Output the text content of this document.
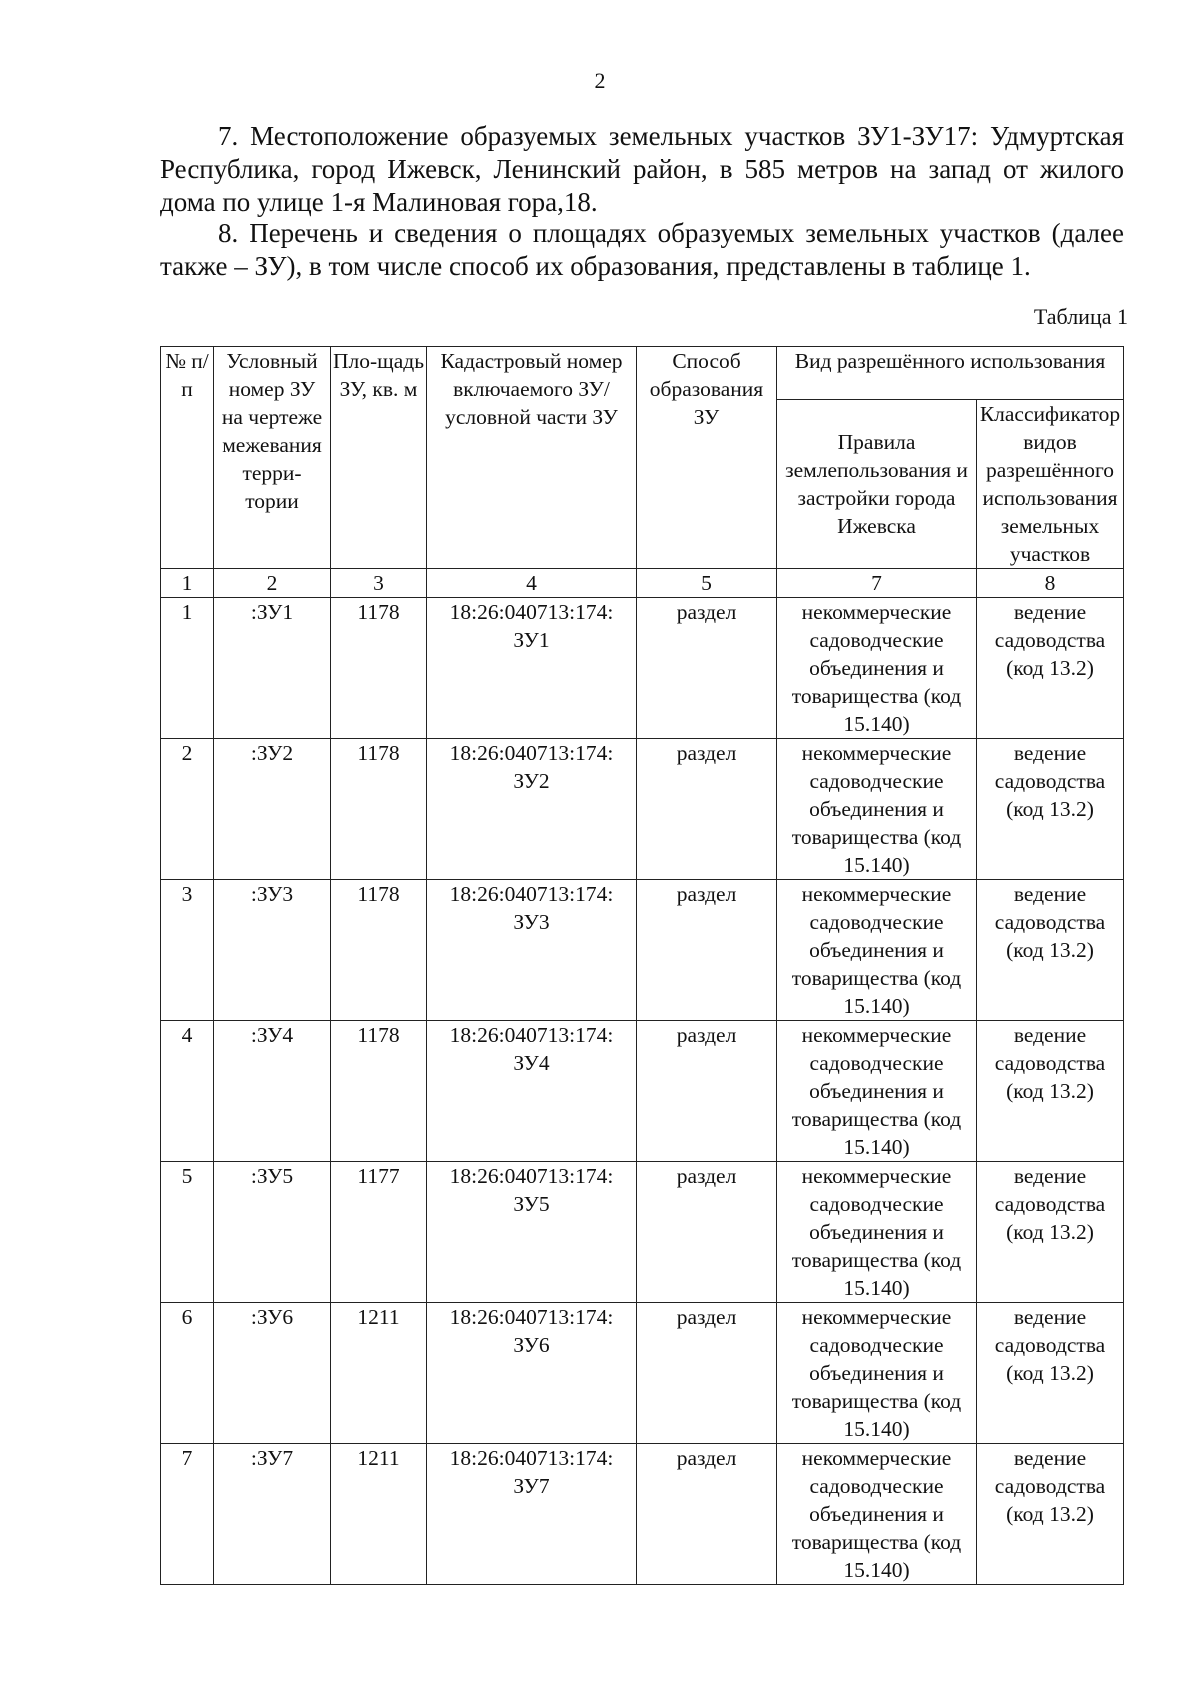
2

7. Местоположение образуемых земельных участков ЗУ1-ЗУ17: Удмуртская Республика, город Ижевск, Ленинский район, в 585 метров на запад от жилого дома по улице 1-я Малиновая гора,18.

8. Перечень и сведения о площадях образуемых земельных участков (далее также – ЗУ), в том числе способ их образования, представлены в таблице 1.

Таблица 1
№ п/п	Условный номер ЗУ на чертеже межевания терри-тории	Пло-щадь ЗУ, кв. м	Кадастровый номер включаемого ЗУ/ условной части ЗУ	Способ образования ЗУ	Вид разрешённого использования	
					Правила землепользования и застройки города Ижевска	Классификатор видов разрешённого использования земельных участков
1	2	3	4	5	7	8
1	:ЗУ1	1178	18:26:040713:174: ЗУ1	раздел	некоммерческие садоводческие объединения и товарищества (код 15.140)	ведение садоводства (код 13.2)
2	:ЗУ2	1178	18:26:040713:174: ЗУ2	раздел	некоммерческие садоводческие объединения и товарищества (код 15.140)	ведение садоводства (код 13.2)
3	:ЗУ3	1178	18:26:040713:174: ЗУ3	раздел	некоммерческие садоводческие объединения и товарищества (код 15.140)	ведение садоводства (код 13.2)
4	:ЗУ4	1178	18:26:040713:174: ЗУ4	раздел	некоммерческие садоводческие объединения и товарищества (код 15.140)	ведение садоводства (код 13.2)
5	:ЗУ5	1177	18:26:040713:174: ЗУ5	раздел	некоммерческие садоводческие объединения и товарищества (код 15.140)	ведение садоводства (код 13.2)
6	:ЗУ6	1211	18:26:040713:174: ЗУ6	раздел	некоммерческие садоводческие объединения и товарищества (код 15.140)	ведение садоводства (код 13.2)
7	:ЗУ7	1211	18:26:040713:174: ЗУ7	раздел	некоммерческие садоводческие объединения и товарищества (код 15.140)	ведение садоводства (код 13.2)
